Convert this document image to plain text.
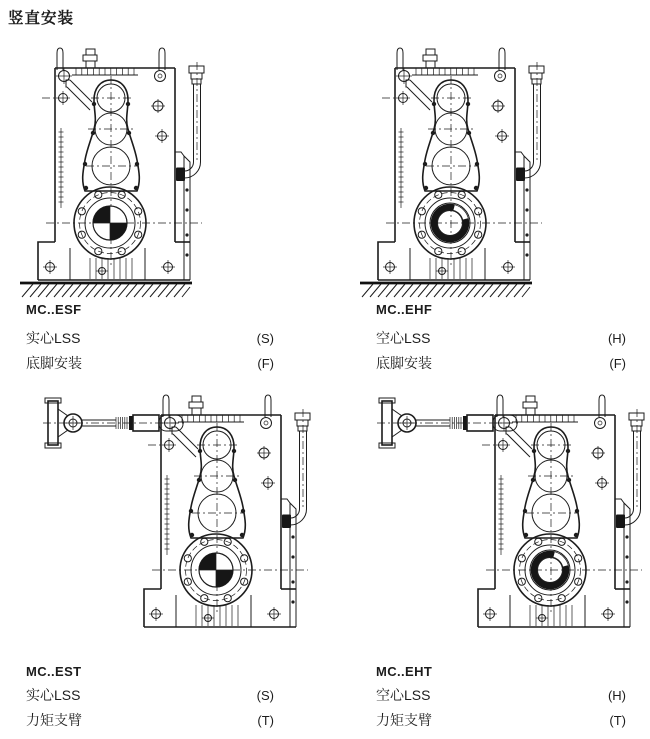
竖直安装
MC..ESF
实心LSS	(S)
底脚安装	(F)
MC..EHF
空心LSS	(H)
底脚安装	(F)
MC..EST
实心LSS	(S)
力矩支臂	(T)
MC..EHT
空心LSS	(H)
力矩支臂	(T)
